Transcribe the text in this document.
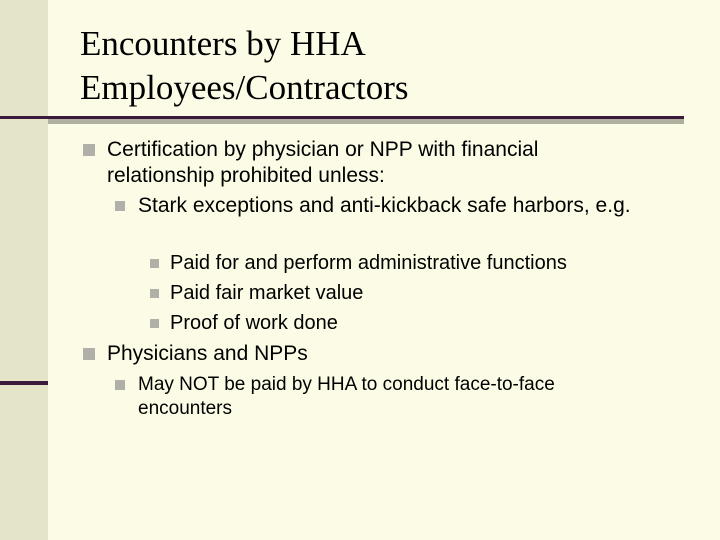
Encounters by HHA
Employees/Contractors
Certification by physician or NPP with financial relationship prohibited unless:
Stark exceptions and anti-kickback safe harbors, e.g.
Paid for and perform administrative functions
Paid fair market value
Proof of work done
Physicians and NPPs
May NOT be paid by HHA to conduct face-to-face encounters
